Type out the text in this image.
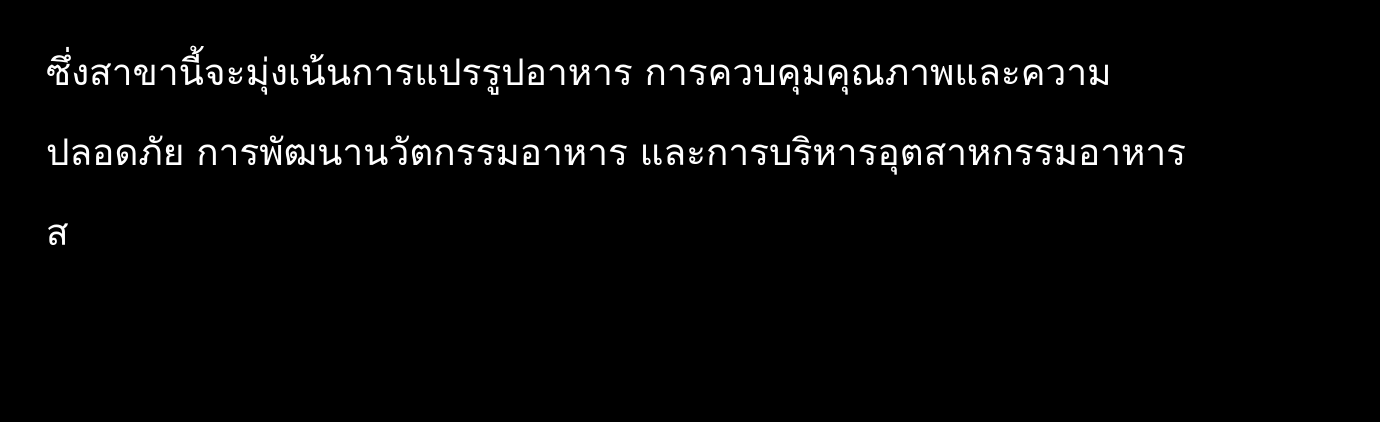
ซึ่งสาขานี้จะมุ่งเน้นการแปรรูปอาหาร การควบคุมคุณภาพและความ
ปลอดภัย การพัฒนานวัตกรรมอาหาร และการบริหารอุตสาหกรรมอาหาร
ส
